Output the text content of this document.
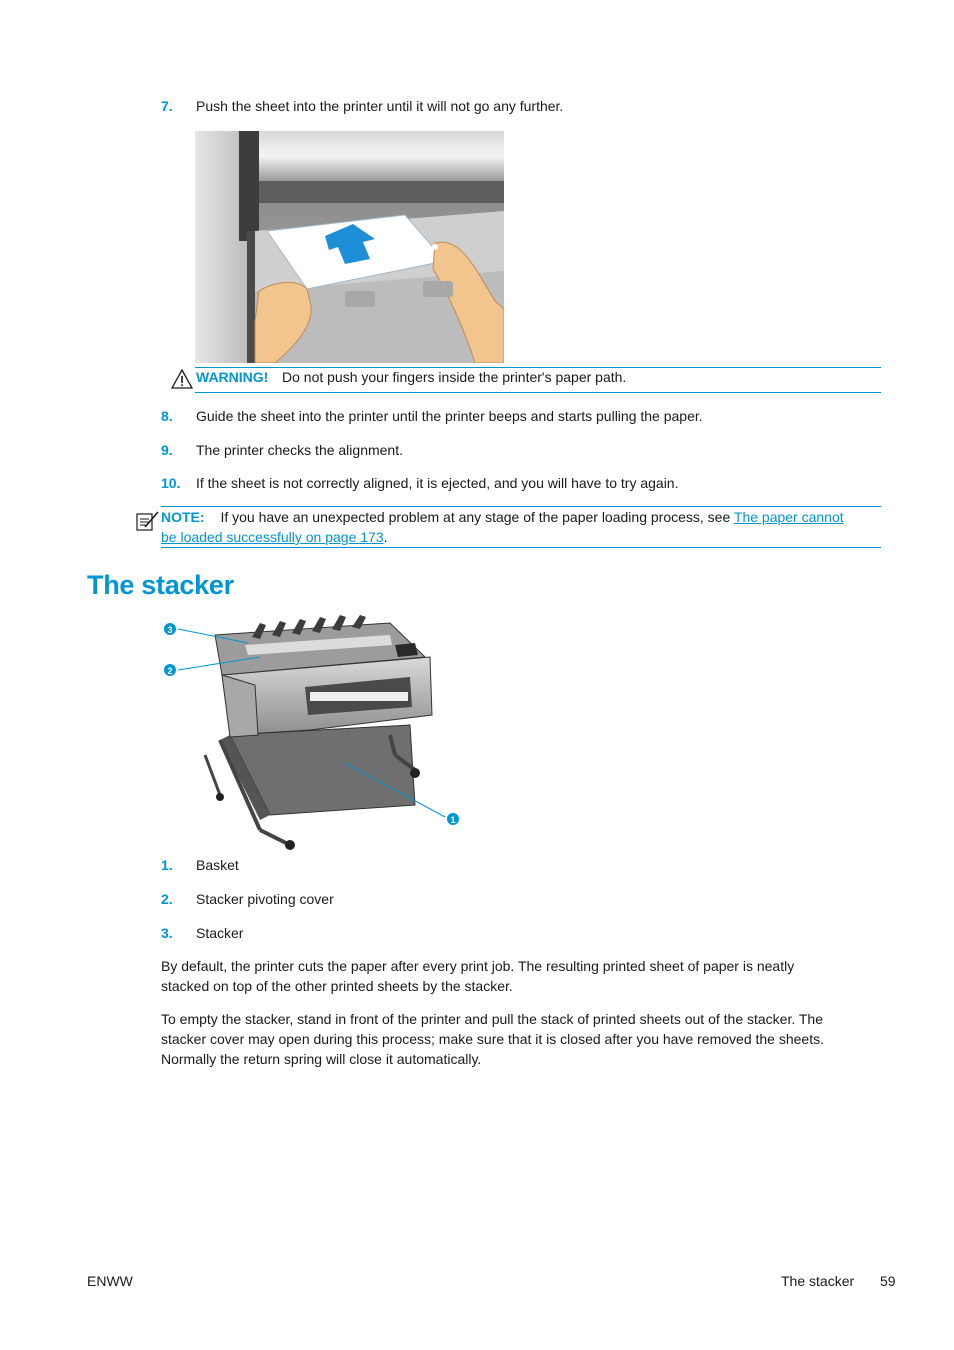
7. Push the sheet into the printer until it will not go any further.
WARNING! Do not push your fingers inside the printer's paper path.
8. Guide the sheet into the printer until the printer beeps and starts pulling the paper.
9. The printer checks the alignment.
10. If the sheet is not correctly aligned, it is ejected, and you will have to try again.
NOTE: If you have an unexpected problem at any stage of the paper loading process, see The paper cannot
be loaded successfully on page 173.
The stacker
3
2
1
1. Basket
2. Stacker pivoting cover
3. Stacker
By default, the printer cuts the paper after every print job. The resulting printed sheet of paper is neatly
stacked on top of the other printed sheets by the stacker.
To empty the stacker, stand in front of the printer and pull the stack of printed sheets out of the stacker. The
stacker cover may open during this process; make sure that it is closed after you have removed the sheets.
Normally the return spring will close it automatically.
ENWW	The stacker 59
